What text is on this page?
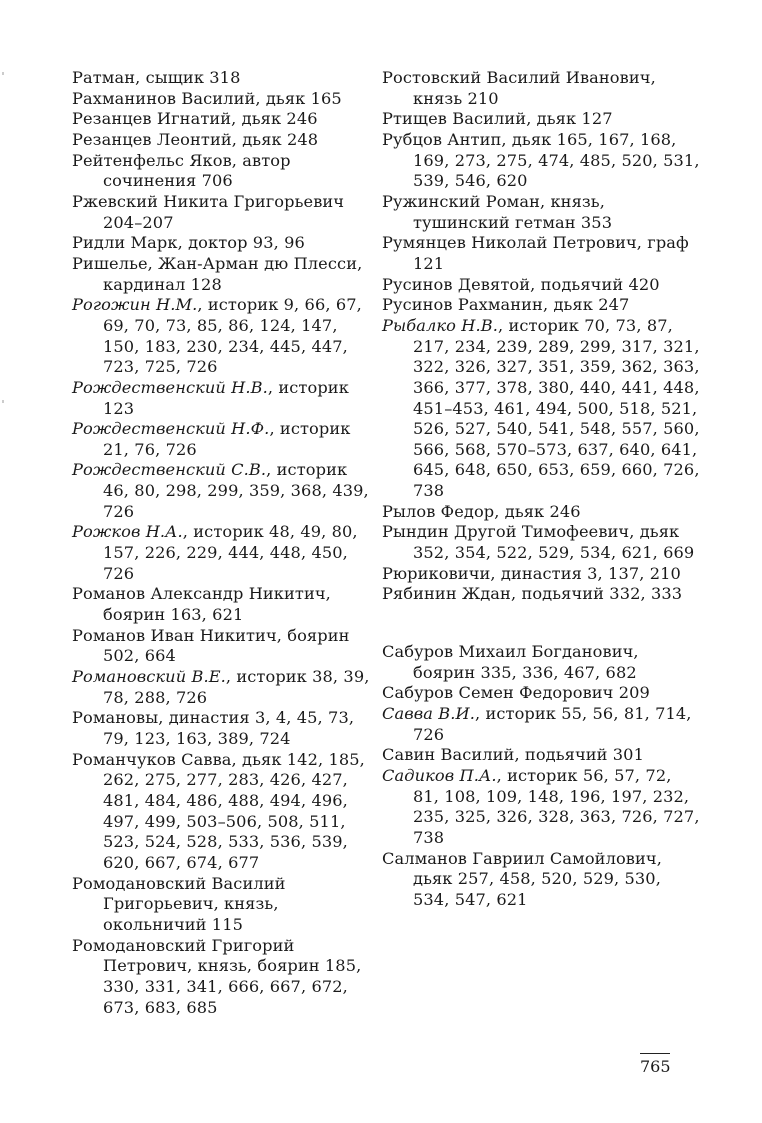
Ратман, сыщик 318

Рахманинов Василий, дьяк 165

Резанцев Игнатий, дьяк 246

Резанцев Леонтий, дьяк 248

Рейтенфельс Яков, автор сочинения 706

Ржевский Никита Григорьевич 204–207

Ридли Марк, доктор 93, 96

Ришелье, Жан-Арман дю Плесси, кардинал 128

Рогожин Н.М., историк 9, 66, 67, 69, 70, 73, 85, 86, 124, 147, 150, 183, 230, 234, 445, 447, 723, 725, 726

Рождественский Н.В., историк 123

Рождественский Н.Ф., историк 21, 76, 726

Рождественский С.В., историк 46, 80, 298, 299, 359, 368, 439, 726

Рожков Н.А., историк 48, 49, 80, 157, 226, 229, 444, 448, 450, 726

Романов Александр Никитич, боярин 163, 621

Романов Иван Никитич, боярин 502, 664

Романовский В.Е., историк 38, 39, 78, 288, 726

Романовы, династия 3, 4, 45, 73, 79, 123, 163, 389, 724

Романчуков Савва, дьяк 142, 185, 262, 275, 277, 283, 426, 427, 481, 484, 486, 488, 494, 496, 497, 499, 503–506, 508, 511, 523, 524, 528, 533, 536, 539, 620, 667, 674, 677

Ромодановский Василий Григорьевич, князь, окольничий 115

Ромодановский Григорий Петрович, князь, боярин 185, 330, 331, 341, 666, 667, 672, 673, 683, 685

Ростовский Василий Иванович, князь 210

Ртищев Василий, дьяк 127

Рубцов Антип, дьяк 165, 167, 168, 169, 273, 275, 474, 485, 520, 531, 539, 546, 620

Ружинский Роман, князь, тушинский гетман 353

Румянцев Николай Петрович, граф 121

Русинов Девятой, подьячий 420

Русинов Рахманин, дьяк 247

Рыбалко Н.В., историк 70, 73, 87, 217, 234, 239, 289, 299, 317, 321, 322, 326, 327, 351, 359, 362, 363, 366, 377, 378, 380, 440, 441, 448, 451–453, 461, 494, 500, 518, 521, 526, 527, 540, 541, 548, 557, 560, 566, 568, 570–573, 637, 640, 641, 645, 648, 650, 653, 659, 660, 726, 738

Рылов Федор, дьяк 246

Рындин Другой Тимофеевич, дьяк 352, 354, 522, 529, 534, 621, 669

Рюриковичи, династия 3, 137, 210

Рябинин Ждан, подьячий 332, 333

Сабуров Михаил Богданович, боярин 335, 336, 467, 682

Сабуров Семен Федорович 209

Савва В.И., историк 55, 56, 81, 714, 726

Савин Василий, подьячий 301

Садиков П.А., историк 56, 57, 72, 81, 108, 109, 148, 196, 197, 232, 235, 325, 326, 328, 363, 726, 727, 738

Салманов Гавриил Самойлович, дьяк 257, 458, 520, 529, 530, 534, 547, 621

765
